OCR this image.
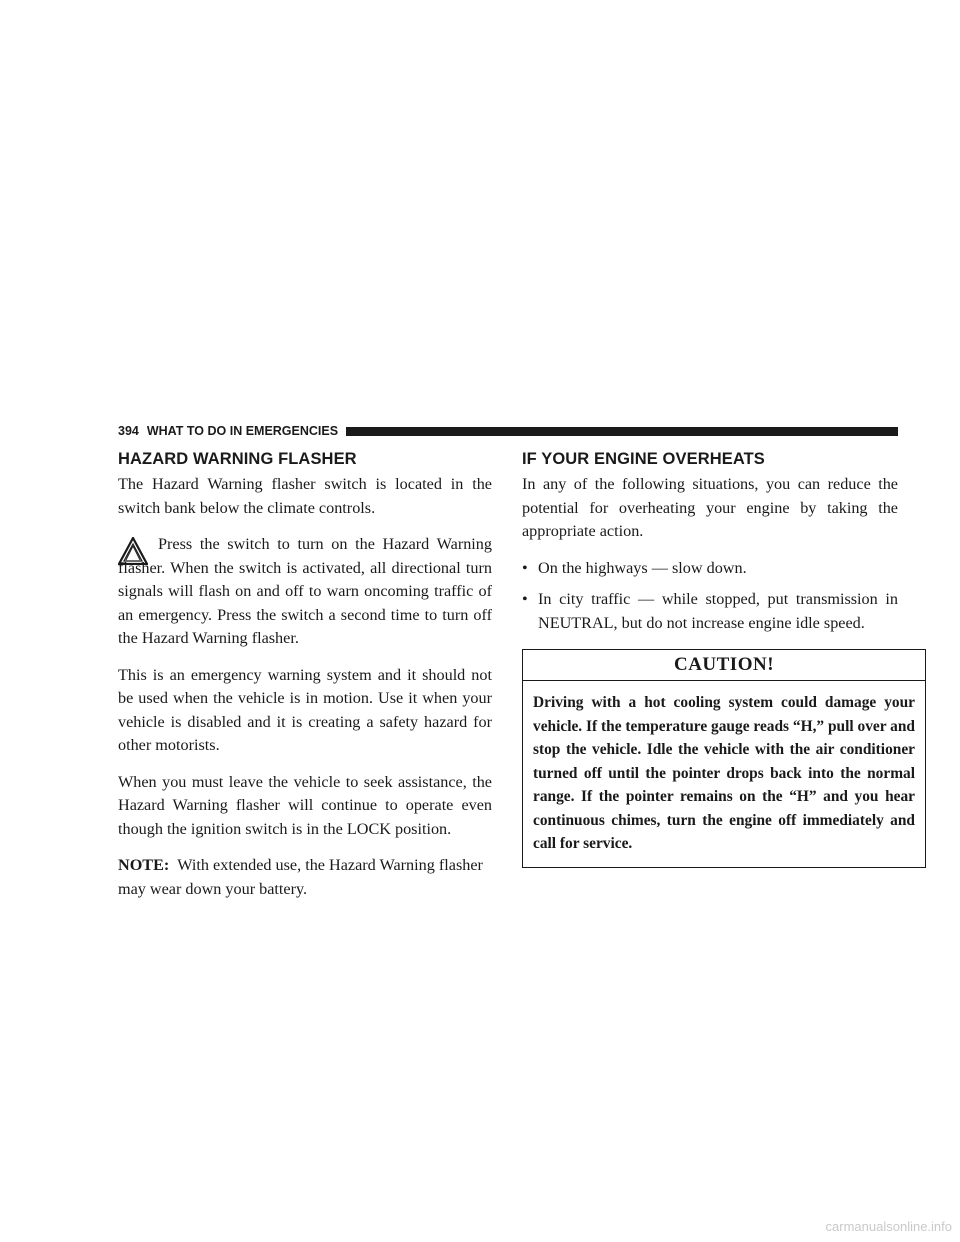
394 WHAT TO DO IN EMERGENCIES
HAZARD WARNING FLASHER

The Hazard Warning flasher switch is located in the switch bank below the climate controls.

Press the switch to turn on the Hazard Warning flasher. When the switch is activated, all directional turn signals will flash on and off to warn oncoming traffic of an emergency. Press the switch a second time to turn off the Hazard Warning flasher.

This is an emergency warning system and it should not be used when the vehicle is in motion. Use it when your vehicle is disabled and it is creating a safety hazard for other motorists.

When you must leave the vehicle to seek assistance, the Hazard Warning flasher will continue to operate even though the ignition switch is in the LOCK position.

NOTE: With extended use, the Hazard Warning flasher may wear down your battery.

IF YOUR ENGINE OVERHEATS

In any of the following situations, you can reduce the potential for overheating your engine by taking the appropriate action.

• On the highways — slow down.
• In city traffic — while stopped, put transmission in NEUTRAL, but do not increase engine idle speed.
CAUTION!
Driving with a hot cooling system could damage your vehicle. If the temperature gauge reads “H,” pull over and stop the vehicle. Idle the vehicle with the air conditioner turned off until the pointer drops back into the normal range. If the pointer remains on the “H” and you hear continuous chimes, turn the engine off immediately and call for service.
carmanualsonline.info
